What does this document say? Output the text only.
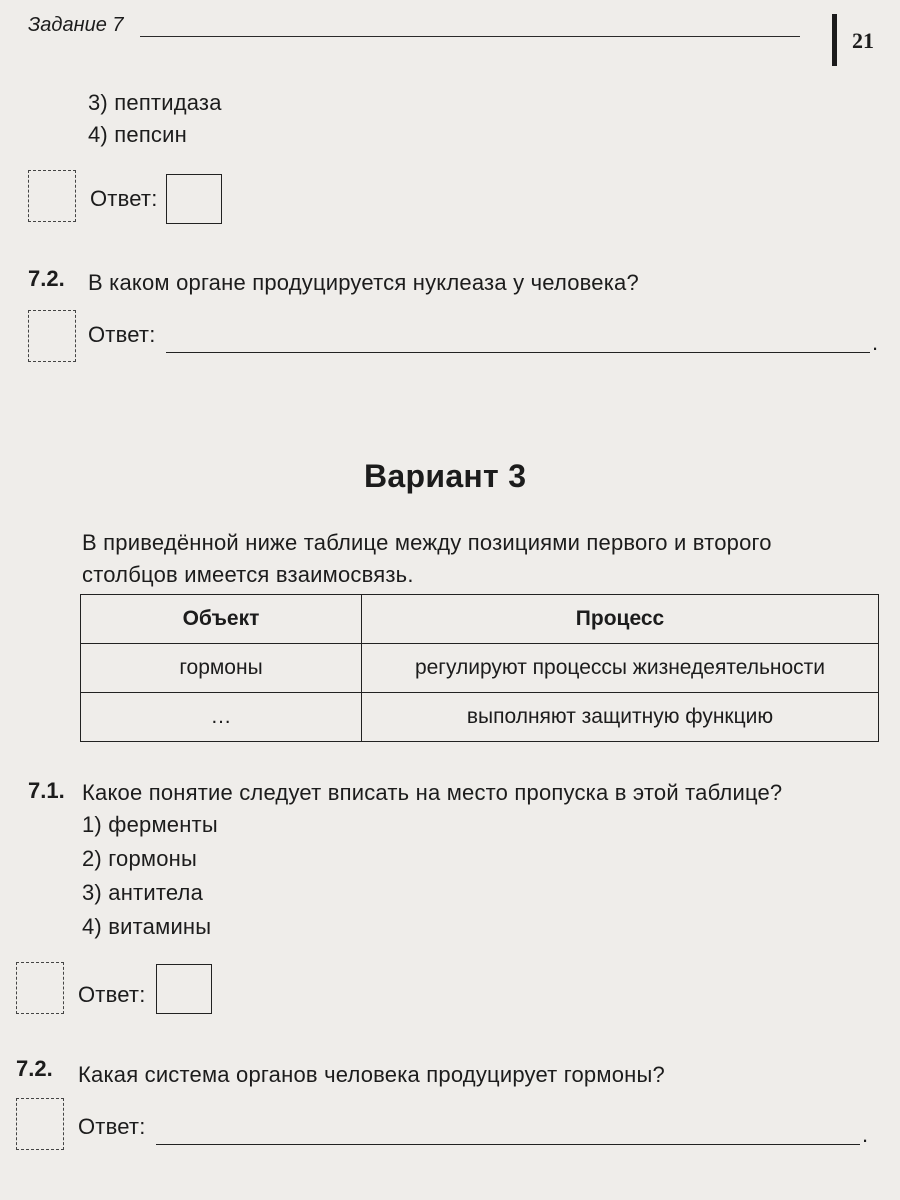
Задание 7
21
3) пептидаза
4) пепсин
Ответ:
7.2. В каком органе продуцируется нуклеаза у человека?
Ответ:	.
Вариант 3
В приведённой ниже таблице между позициями первого и второго
столбцов имеется взаимосвязь.
Объект	Процесс
гормоны	регулируют процессы жизнедеятельности
…	выполняют защитную функцию
7.1. Какое понятие следует вписать на место пропуска в этой таблице?
1) ферменты
2) гормоны
3) антитела
4) витамины
Ответ:
7.2. Какая система органов человека продуцирует гормоны?
Ответ:	.
